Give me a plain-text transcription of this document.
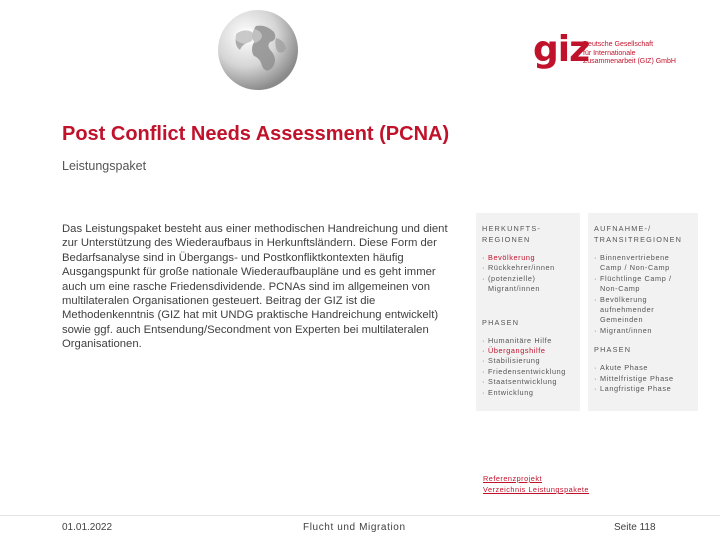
giz
Deutsche Gesellschaft
für Internationale
Zusammenarbeit (GIZ) GmbH
Post Conflict Needs Assessment (PCNA)
Leistungspaket
Das Leistungspaket besteht aus einer methodischen Handreichung und dient zur Unterstützung des Wiederaufbaus in Herkunftsländern. Diese Form der Bedarfsanalyse sind in Übergangs- und Postkonfliktkontexten häufig Ausgangspunkt für große nationale Wiederaufbaupläne und es geht immer auch um eine rasche Friedensdividende. PCNAs sind im allgemeinen von multilateralen Organisationen gesteuert. Beitrag der GIZ ist die Methodenkenntnis (GIZ hat mit UNDG praktische Handreichung entwickelt) sowie ggf. auch Entsendung/Secondment von Experten bei multilateralen Organisationen.
HERKUNFTS-
REGIONEN
· Bevölkerung
· Rückkehrer/innen
· (potenzielle) Migrant/innen
PHASEN
· Humanitäre Hilfe
· Übergangshilfe
· Stabilisierung
· Friedensentwicklung
· Staatsentwicklung
· Entwicklung
AUFNAHME-/
TRANSITREGIONEN
· Binnenvertriebene Camp / Non-Camp
· Flüchtlinge Camp / Non-Camp
· Bevölkerung aufnehmender Gemeinden
· Migrant/innen
PHASEN
· Akute Phase
· Mittelfristige Phase
· Langfristige Phase
Referenzprojekt
Verzeichnis Leistungspakete
01.01.2022	Flucht und Migration	Seite 118
